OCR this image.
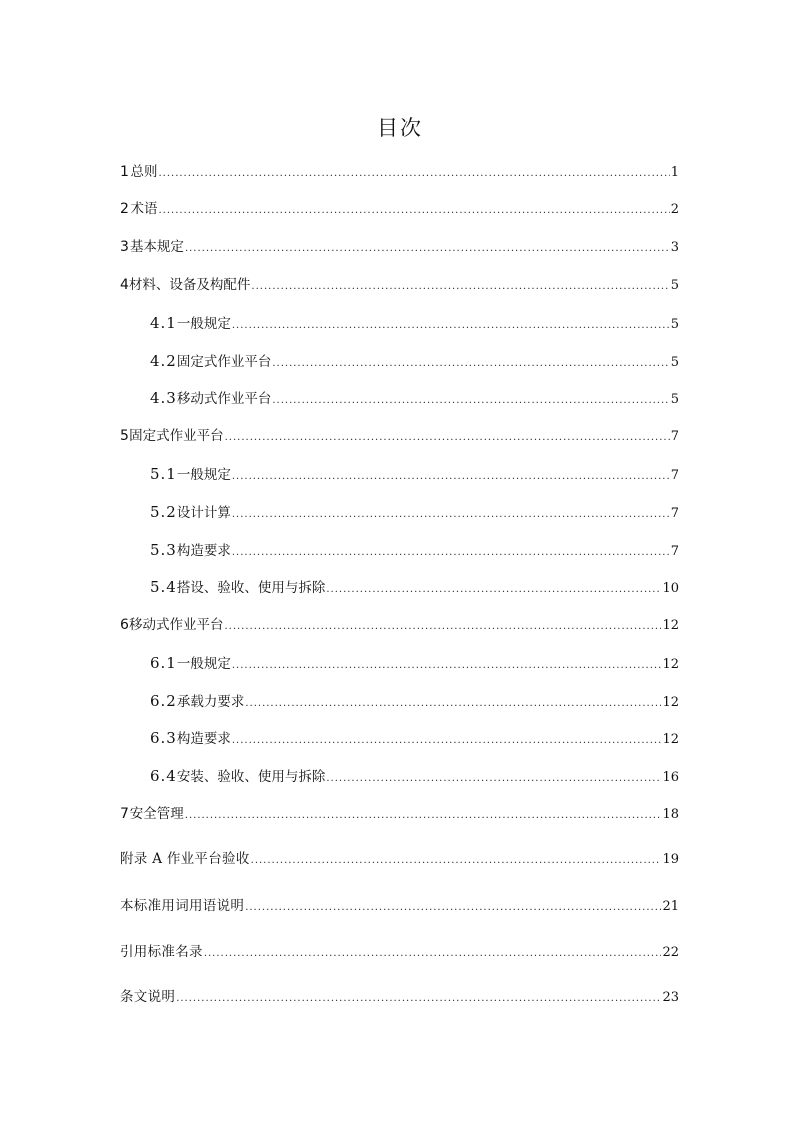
目次
1 总则 .....	1
2 术语 .....	2
3 基本规定 .....	3
4 材料、设备及构配件 .....	5
4.1 一般规定 .....	5
4.2 固定式作业平台 .....	5
4.3 移动式作业平台 .....	5
5 固定式作业平台 .....	7
5.1 一般规定 .....	7
5.2 设计计算 .....	7
5.3 构造要求 .....	7
5.4 搭设、验收、使用与拆除 .....	10
6 移动式作业平台 .....	12
6.1 一般规定 .....	12
6.2 承载力要求 .....	12
6.3 构造要求 .....	12
6.4 安装、验收、使用与拆除 .....	16
7 安全管理 .....	18
附录 A 作业平台验收 .....	19
本标准用词用语说明 .....	21
引用标准名录 .....	22
条文说明 .....	23
